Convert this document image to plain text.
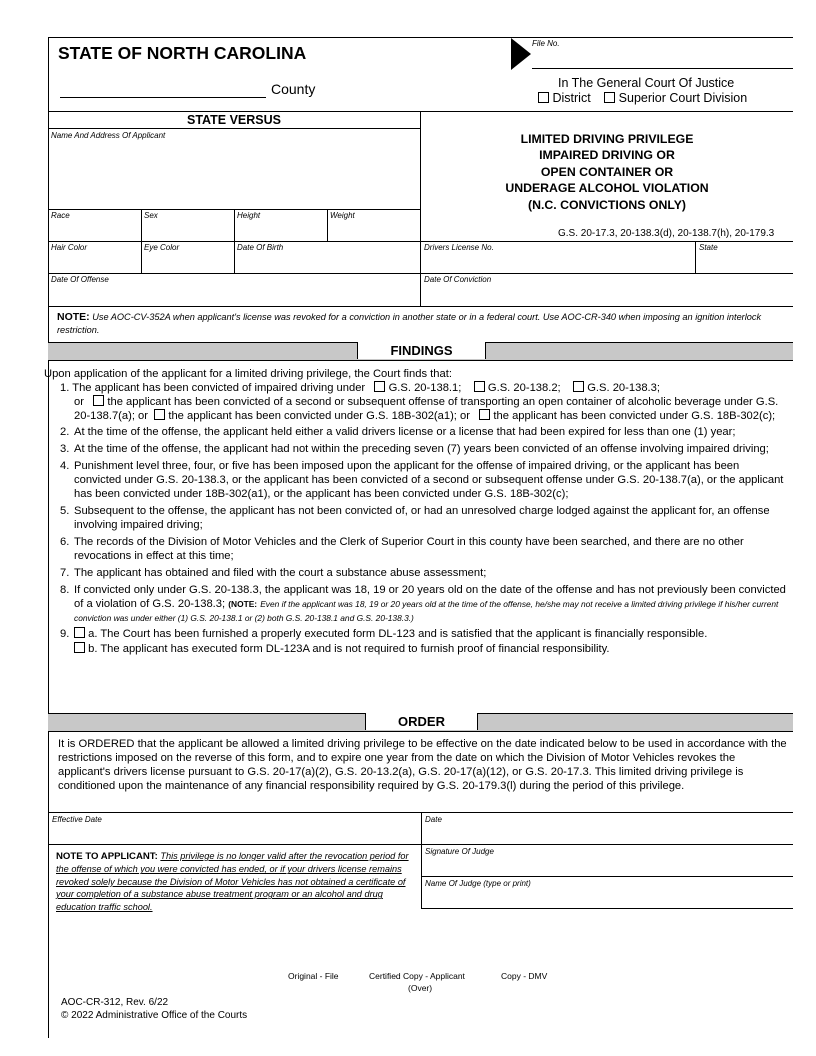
STATE OF NORTH CAROLINA	File No.
County	In The General Court Of Justice
District Superior Court Division
STATE VERSUS
Name And Address Of Applicant
Race	Sex	Height	Weight
Hair Color	Eye Color	Date Of Birth	Drivers License No.	State
Date Of Offense	Date Of Conviction
LIMITED DRIVING PRIVILEGE
IMPAIRED DRIVING OR
OPEN CONTAINER OR
UNDERAGE ALCOHOL VIOLATION
(N.C. CONVICTIONS ONLY)
G.S. 20-17.3, 20-138.3(d), 20-138.7(h), 20-179.3
NOTE: Use AOC-CV-352A when applicant's license was revoked for a conviction in another state or in a federal court. Use AOC-CR-340 when imposing an ignition interlock restriction.
FINDINGS

Upon application of the applicant for a limited driving privilege, the Court finds that:

1. The applicant has been convicted of impaired driving under G.S. 20-138.1; G.S. 20-138.2; G.S. 20-138.3;

or the applicant has been convicted of a second or subsequent offense of transporting an open container of alcoholic beverage under G.S. 20-138.7(a); or the applicant has been convicted under G.S. 18B-302(a1); or the applicant has been convicted under G.S. 18B-302(c);

2. At the time of the offense, the applicant held either a valid drivers license or a license that had been expired for less than one (1) year;
3. At the time of the offense, the applicant had not within the preceding seven (7) years been convicted of an offense involving impaired driving;
4. Punishment level three, four, or five has been imposed upon the applicant for the offense of impaired driving, or the applicant has been convicted under G.S. 20-138.3, or the applicant has been convicted of a second or subsequent offense under G.S. 20-138.7(a), or the applicant has been convicted under 18B-302(a1), or the applicant has been convicted under G.S. 18B-302(c);
5. Subsequent to the offense, the applicant has not been convicted of, or had an unresolved charge lodged against the applicant for, an offense involving impaired driving;
6. The records of the Division of Motor Vehicles and the Clerk of Superior Court in this county have been searched, and there are no other revocations in effect at this time;
7. The applicant has obtained and filed with the court a substance abuse assessment;
8. If convicted only under G.S. 20-138.3, the applicant was 18, 19 or 20 years old on the date of the offense and has not previously been convicted of a violation of G.S. 20-138.3; (NOTE: Even if the applicant was 18, 19 or 20 years old at the time of the offense, he/she may not receive a limited driving privilege if his/her current conviction was under either (1) G.S. 20-138.1 or (2) both G.S. 20-138.1 and G.S. 20-138.3.)
9. a. The Court has been furnished a properly executed form DL-123 and is satisfied that the applicant is financially responsible.
b. The applicant has executed form DL-123A and is not required to furnish proof of financial responsibility.
ORDER
It is ORDERED that the applicant be allowed a limited driving privilege to be effective on the date indicated below to be used in accordance with the restrictions imposed on the reverse of this form, and to expire one year from the date on which the Division of Motor Vehicles revokes the applicant's drivers license pursuant to G.S. 20-17(a)(2), G.S. 20-13.2(a), G.S. 20-17(a)(12), or G.S. 20-17.3. This limited driving privilege is conditioned upon the maintenance of any financial responsibility required by G.S. 20-179.3(l) during the period of this privilege.
Effective Date	Date
Signature Of Judge
Name Of Judge (type or print)
NOTE TO APPLICANT: This privilege is no longer valid after the revocation period for the offense of which you were convicted has ended, or if your drivers license remains revoked solely because the Division of Motor Vehicles has not obtained a certificate of your completion of a substance abuse treatment program or an alcohol and drug education traffic school.
Original - File	Certified Copy - Applicant	Copy - DMV
(Over)
AOC-CR-312, Rev. 6/22
© 2022 Administrative Office of the Courts
